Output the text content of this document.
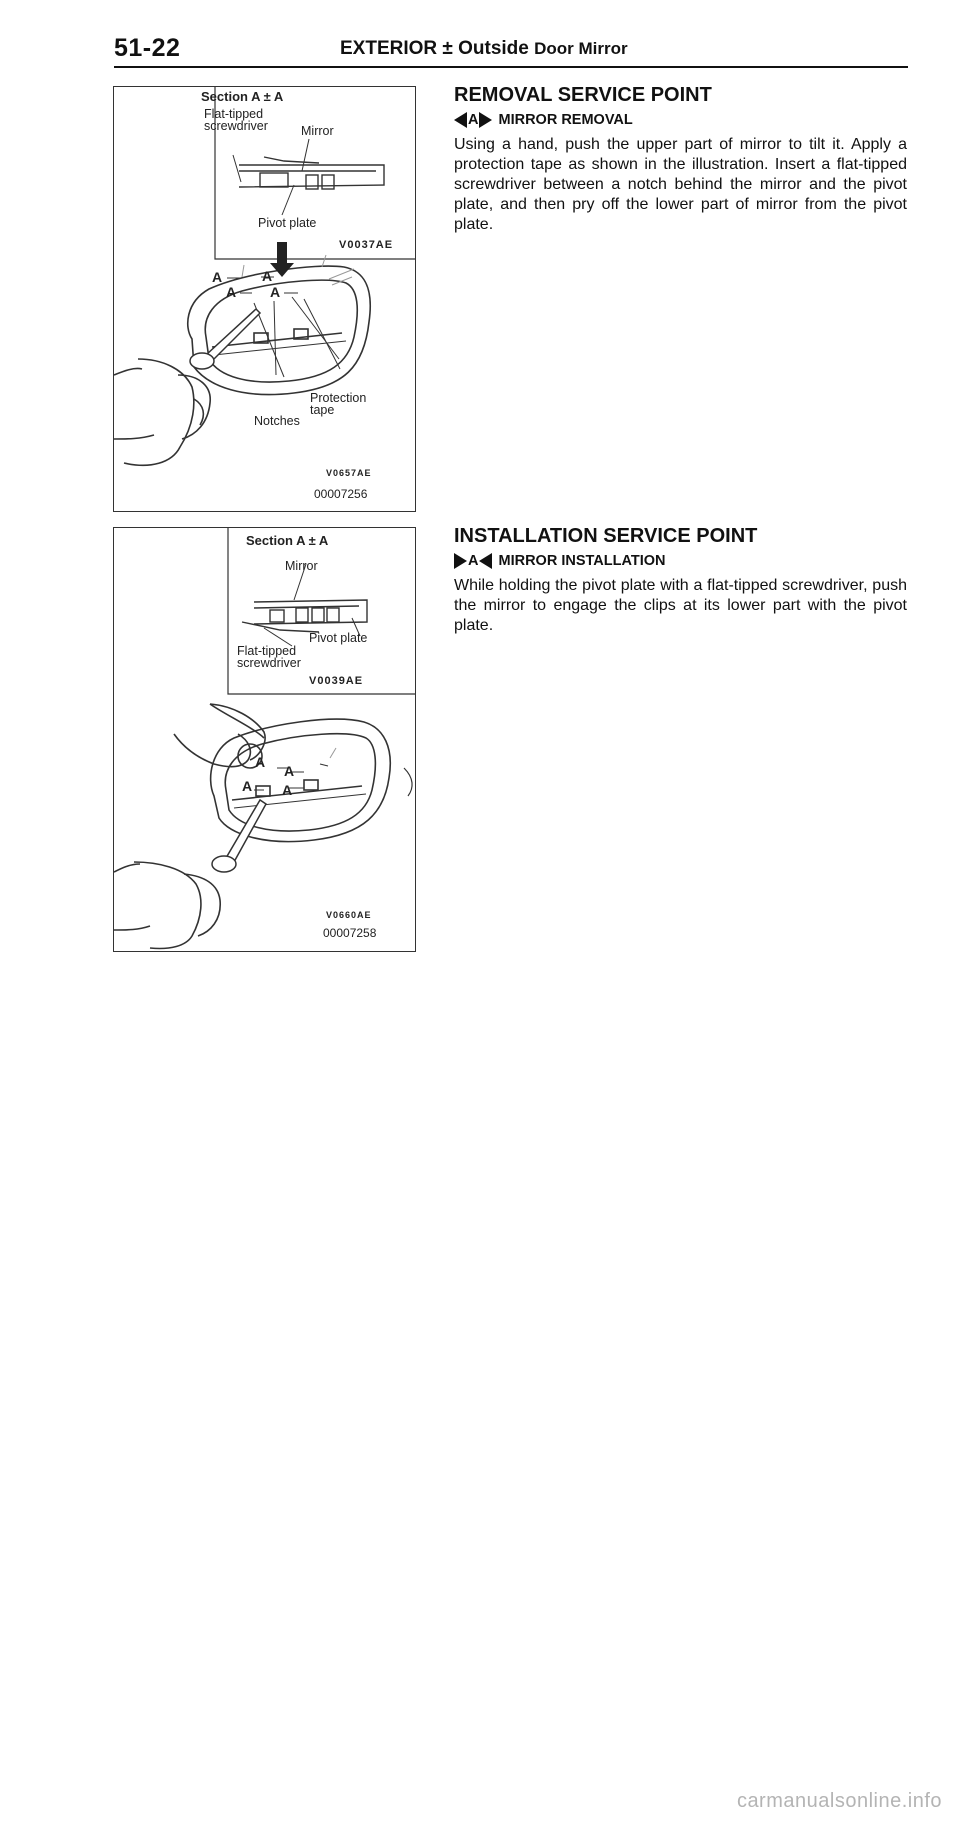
51-22	EXTERIOR ± Outside Door Mirror
Section A ± A
Flat-tipped
screwdriver	Mirror
Pivot plate
V0037AE
A	A
A A
Notches
Protection
tape
V0657AE
00007256
Section A ± A
Mirror
Pivot plate
Flat-tipped
screwdriver
V0039AE
A
A
A A
V0660AE
00007258
REMOVAL SERVICE POINT
A MIRROR REMOVAL
Using a hand, push the upper part of mirror to tilt it. Apply a protection tape as shown in the illustration. Insert a flat-tipped screwdriver between a notch behind the mirror and the pivot plate, and then pry off the lower part of mirror from the pivot plate.
INSTALLATION SERVICE POINT
A MIRROR INSTALLATION
While holding the pivot plate with a flat-tipped screwdriver, push the mirror to engage the clips at its lower part with the pivot plate.
carmanualsonline.info
